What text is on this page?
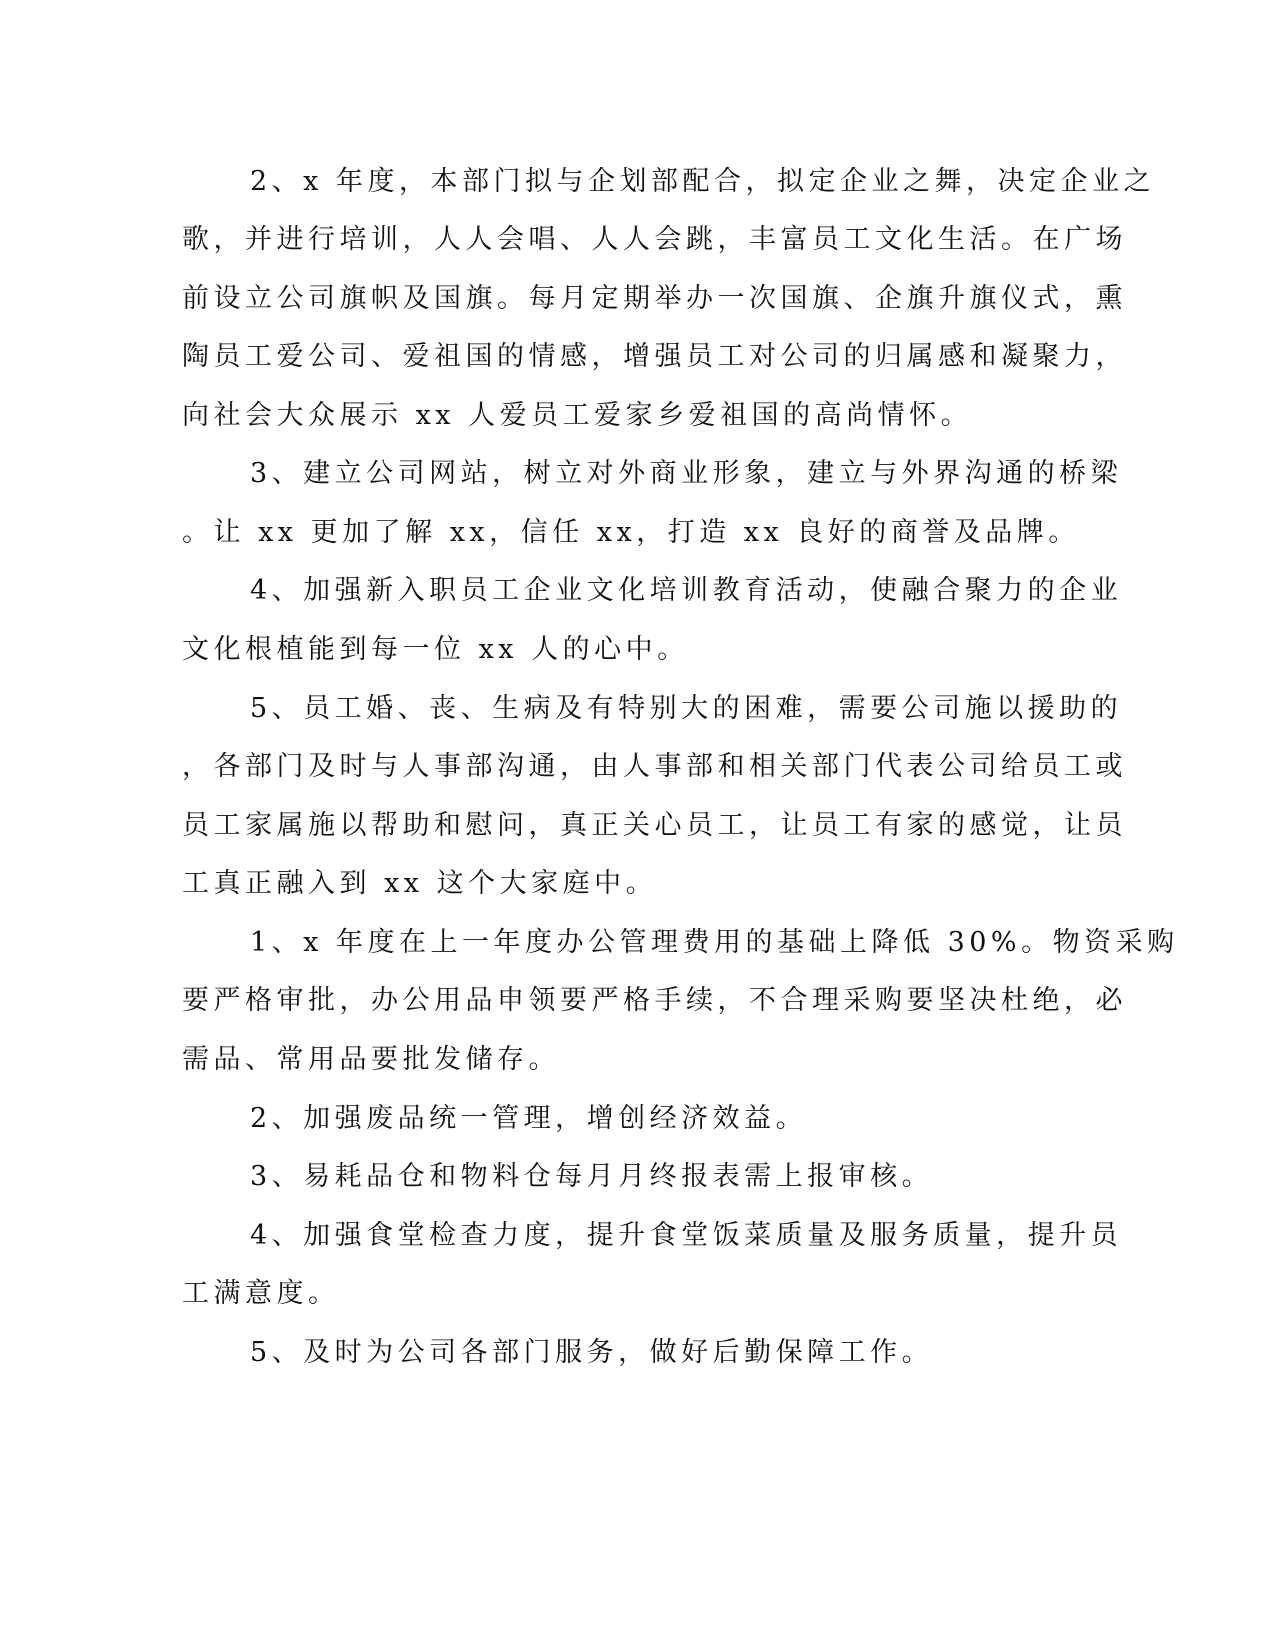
2、x 年度，本部门拟与企划部配合，拟定企业之舞，决定企业之

歌，并进行培训，人人会唱、人人会跳，丰富员工文化生活。在广场

前设立公司旗帜及国旗。每月定期举办一次国旗、企旗升旗仪式，熏

陶员工爱公司、爱祖国的情感，增强员工对公司的归属感和凝聚力，

向社会大众展示 xx 人爱员工爱家乡爱祖国的高尚情怀。

3、建立公司网站，树立对外商业形象，建立与外界沟通的桥梁

。让 xx 更加了解 xx，信任 xx，打造 xx 良好的商誉及品牌。

4、加强新入职员工企业文化培训教育活动，使融合聚力的企业

文化根植能到每一位 xx 人的心中。

5、员工婚、丧、生病及有特别大的困难，需要公司施以援助的

，各部门及时与人事部沟通，由人事部和相关部门代表公司给员工或

员工家属施以帮助和慰问，真正关心员工，让员工有家的感觉，让员

工真正融入到 xx 这个大家庭中。

1、x 年度在上一年度办公管理费用的基础上降低 30%。物资采购

要严格审批，办公用品申领要严格手续，不合理采购要坚决杜绝，必

需品、常用品要批发储存。

2、加强废品统一管理，增创经济效益。

3、易耗品仓和物料仓每月月终报表需上报审核。

4、加强食堂检查力度，提升食堂饭菜质量及服务质量，提升员

工满意度。

5、及时为公司各部门服务，做好后勤保障工作。
